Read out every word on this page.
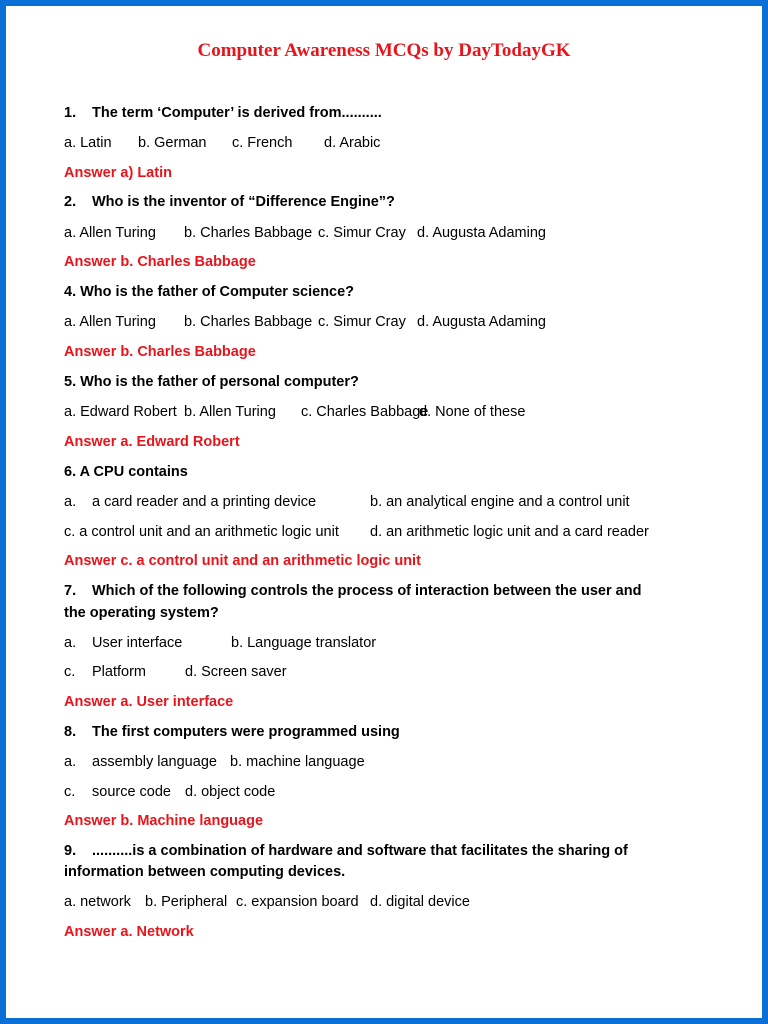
Computer Awareness MCQs by DayTodayGK
1. The term ‘Computer’ is derived from..........
a. Latin b. German c. French d. Arabic
Answer a) Latin
2. Who is the inventor of “Difference Engine”?
a. Allen Turing b. Charles Babbage c. Simur Cray d. Augusta Adaming
Answer b. Charles Babbage
4. Who is the father of Computer science?
a. Allen Turing b. Charles Babbage c. Simur Cray d. Augusta Adaming
Answer b. Charles Babbage
5. Who is the father of personal computer?
a. Edward Robert b. Allen Turing c. Charles Babbaged. None of these
Answer a. Edward Robert
6. A CPU contains
a. a card reader and a printing device	b. an analytical engine and a control unit
c. a control unit and an arithmetic logic unit d. an arithmetic logic unit and a card reader
Answer c. a control unit and an arithmetic logic unit
7. Which of the following controls the process of interaction between the user and
the operating system?
a. User interface	b. Language translator
c. Platform	d. Screen saver
Answer a. User interface
8. The first computers were programmed using
a. assembly language b. machine language
c. source code d. object code
Answer b. Machine language
9. ..........is a combination of hardware and software that facilitates the sharing of
information between computing devices.
a. network b. Peripheral c. expansion board d. digital device
Answer a. Network
